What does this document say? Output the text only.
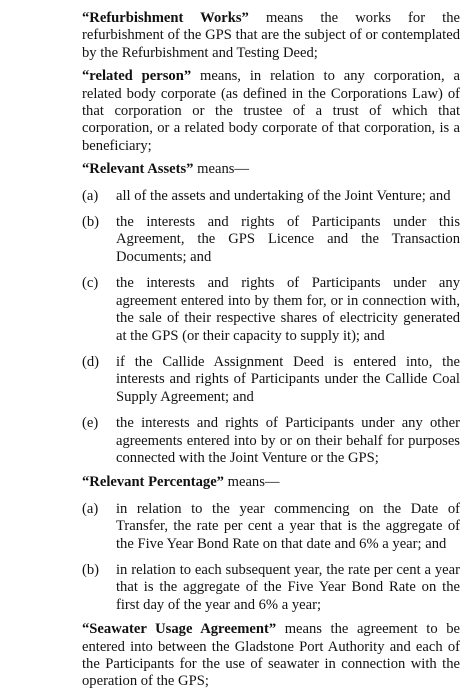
“Refurbishment Works” means the works for the refurbishment of the GPS that are the subject of or contemplated by the Refurbishment and Testing Deed;

“related person” means, in relation to any corporation, a related body corporate (as defined in the Corporations Law) of that corporation or the trustee of a trust of which that corporation, or a related body corporate of that corporation, is a beneficiary;

“Relevant Assets” means—

(a)	all of the assets and undertaking of the Joint Venture; and
(b)	the interests and rights of Participants under this Agreement, the GPS Licence and the Transaction Documents; and
(c)	the interests and rights of Participants under any agreement entered into by them for, or in connection with, the sale of their respective shares of electricity generated at the GPS (or their capacity to supply it); and
(d)	if the Callide Assignment Deed is entered into, the interests and rights of Participants under the Callide Coal Supply Agreement; and
(e)	the interests and rights of Participants under any other agreements entered into by or on their behalf for purposes connected with the Joint Venture or the GPS;

“Relevant Percentage” means—

(a)	in relation to the year commencing on the Date of Transfer, the rate per cent a year that is the aggregate of the Five Year Bond Rate on that date and 6% a year; and
(b)	in relation to each subsequent year, the rate per cent a year that is the aggregate of the Five Year Bond Rate on the first day of the year and 6% a year;

“Seawater Usage Agreement” means the agreement to be entered into between the Gladstone Port Authority and each of the Participants for the use of seawater in connection with the operation of the GPS;
